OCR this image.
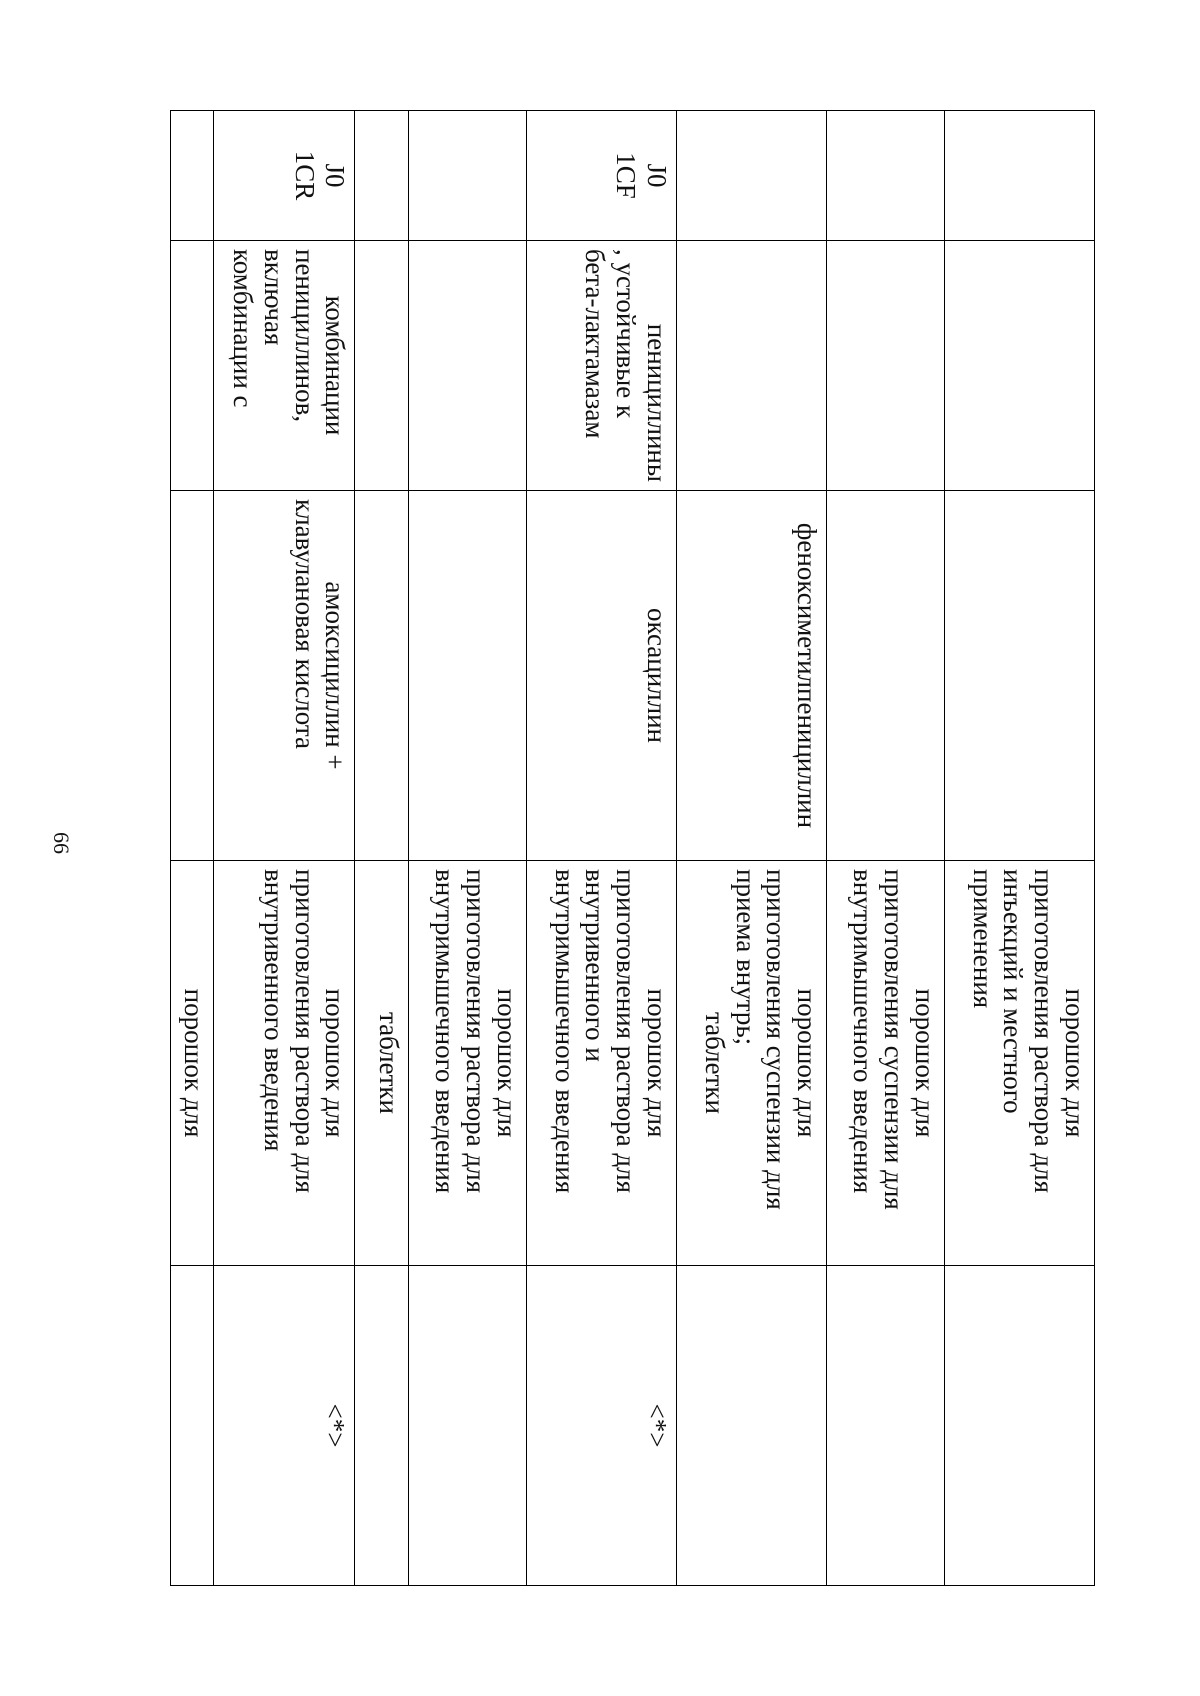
66

			порошок для
приготовления раствора для
инъекций и местного
применения	

			порошок для
приготовления суспензии для
внутримышечного введения	

		феноксиметилпенициллин	порошок для
приготовления суспензии для
приема внутрь;
таблетки	

J0
1CF	пенициллины
, устойчивые к
бета-лактамазам	оксациллин	порошок для
приготовления раствора для
внутривенного и
внутримышечного введения	<*>

			порошок для
приготовления раствора для
внутримышечного введения	

			таблетки	

J0
1CR	комбинации
пенициллинов,
включая
комбинации с	амоксициллин +
клавулановая кислота	порошок для
приготовления раствора для
внутривенного введения	<*>
			порошок для	
